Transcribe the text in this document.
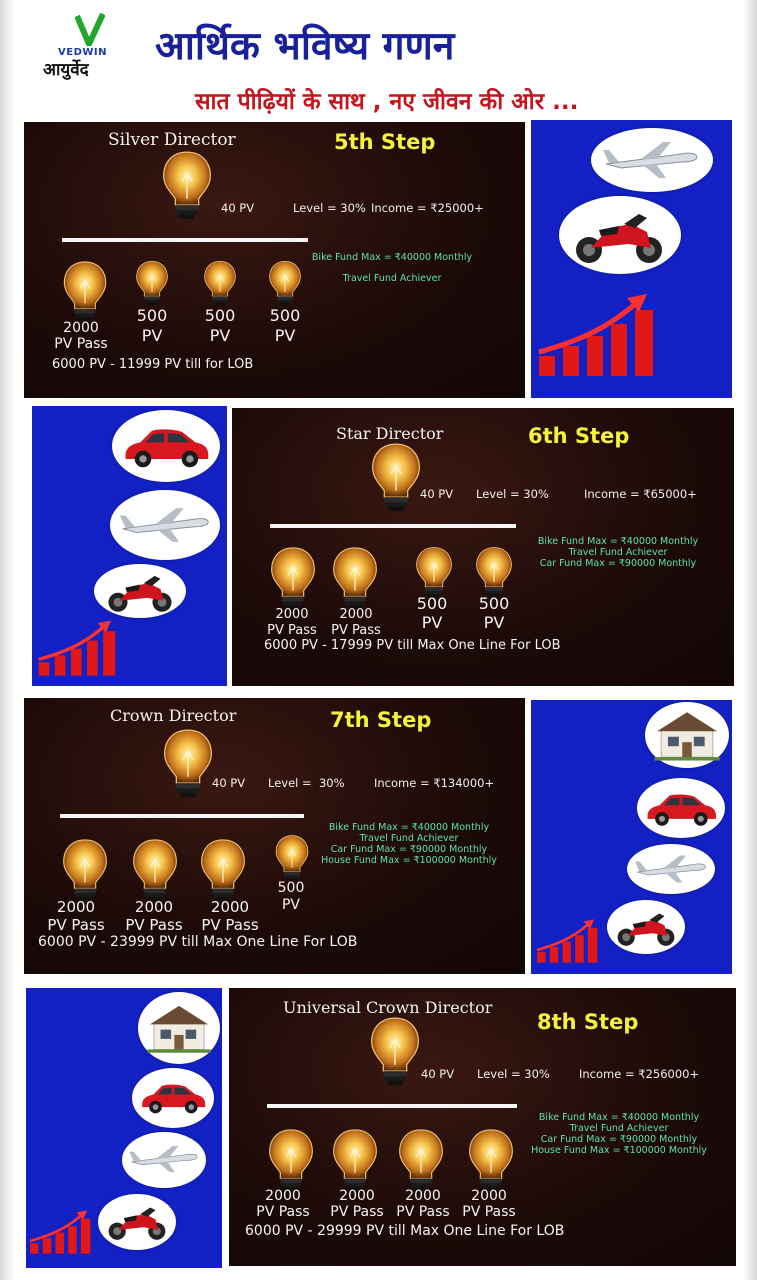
VEDWIN
आयुर्वेद
आर्थिक भविष्य गणन
सात पीढ़ियों के साथ , नए जीवन की ओर ...
Silver Director	5th Step
40 PV	Level = 30% Income = ₹25000+
Bike Fund Max = ₹40000 Monthly
Travel Fund Achiever
2000
PV Pass
500
PV
500
PV
500
PV
6000 PV - 11999 PV till for LOB
Star Director	6th Step
40 PV Level = 30%	Income = ₹65000+
Bike Fund Max = ₹40000 Monthly
Travel Fund Achiever
Car Fund Max = ₹90000 Monthly
2000
PV Pass
2000
PV Pass
500
PV
500
PV
6000 PV - 17999 PV till Max One Line For LOB
Crown Director	7th Step
40 PV Level =  30%	Income = ₹134000+
Bike Fund Max = ₹40000 Monthly
Travel Fund Achiever
Car Fund Max = ₹90000 Monthly
House Fund Max = ₹100000 Monthly
2000
PV Pass
2000
PV Pass
2000
PV Pass
500
PV
6000 PV - 23999 PV till Max One Line For LOB
Universal Crown Director
8th Step
40 PV Level = 30%	Income = ₹256000+
Bike Fund Max = ₹40000 Monthly
Travel Fund Achiever
Car Fund Max = ₹90000 Monthly
House Fund Max = ₹100000 Monthly
2000
PV Pass
2000
PV Pass
2000
PV Pass
2000
PV Pass
6000 PV - 29999 PV till Max One Line For LOB
